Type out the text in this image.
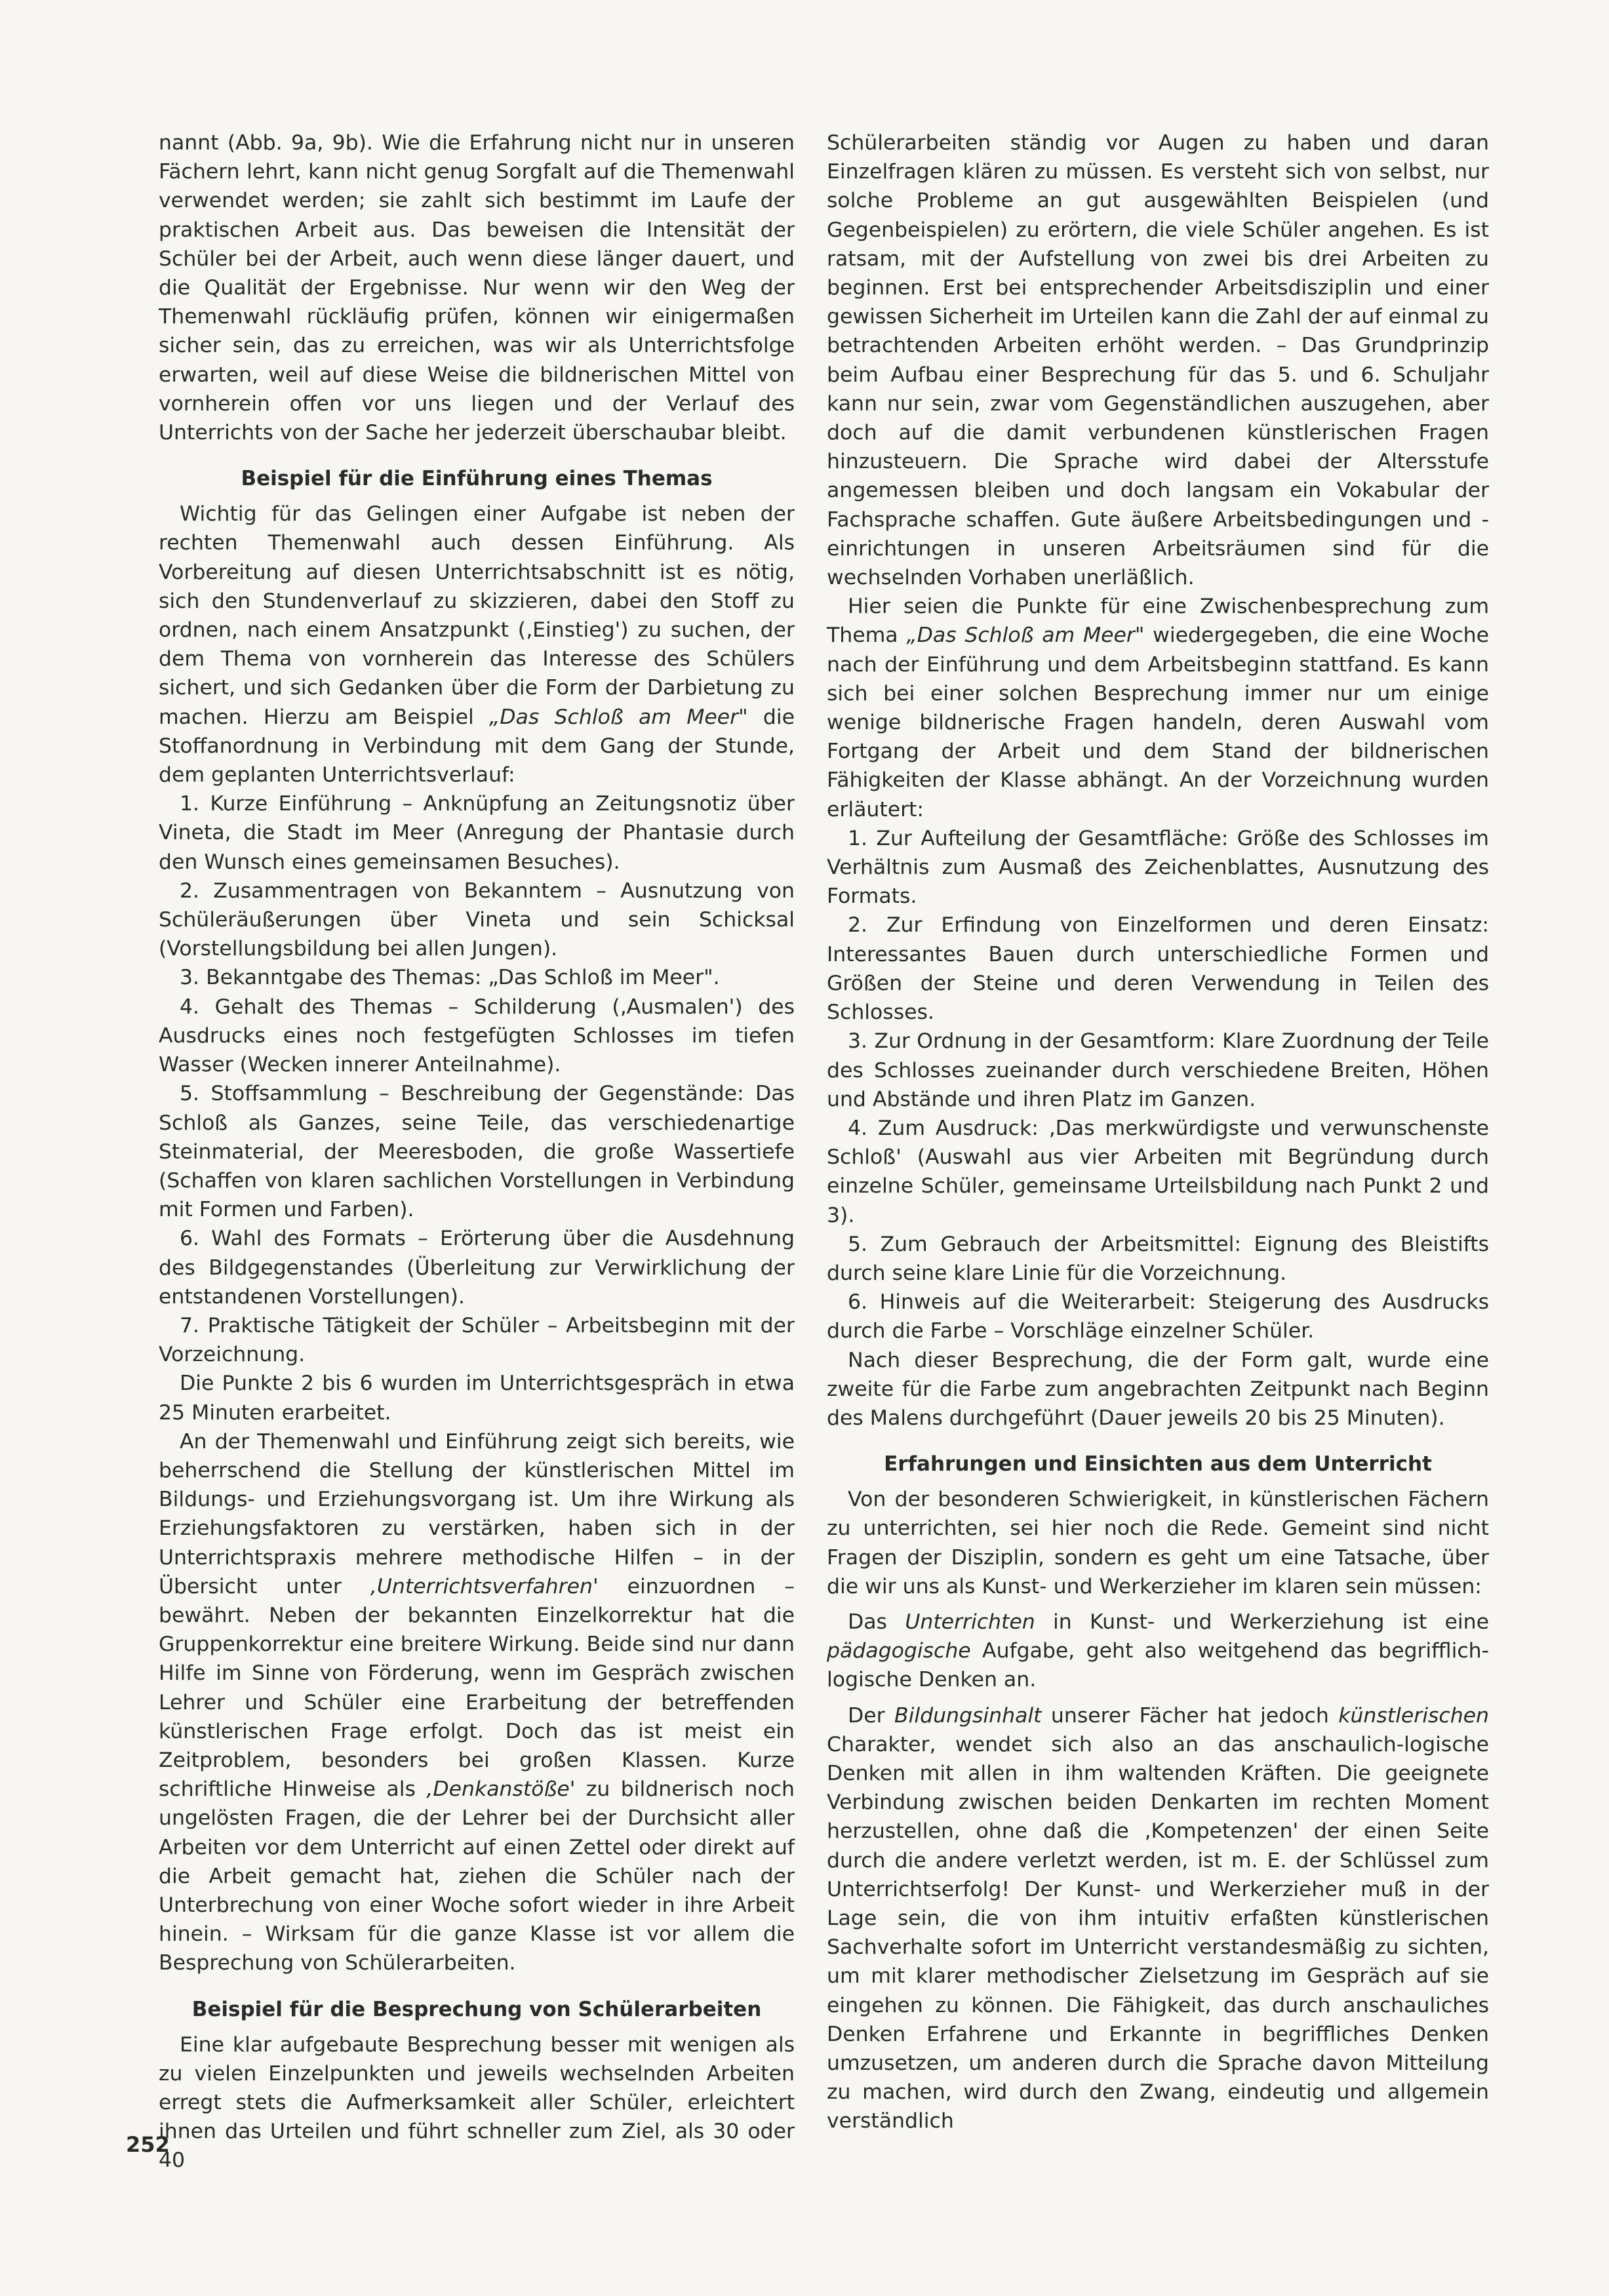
nannt (Abb. 9a, 9b). Wie die Erfahrung nicht nur in unseren Fächern lehrt, kann nicht genug Sorgfalt auf die Themenwahl verwendet werden; sie zahlt sich bestimmt im Laufe der praktischen Arbeit aus. Das beweisen die Intensität der Schüler bei der Arbeit, auch wenn diese länger dauert, und die Qualität der Ergebnisse. Nur wenn wir den Weg der Themenwahl rückläufig prüfen, können wir einigermaßen sicher sein, das zu erreichen, was wir als Unterrichtsfolge erwarten, weil auf diese Weise die bildnerischen Mittel von vornherein offen vor uns liegen und der Verlauf des Unterrichts von der Sache her jederzeit überschaubar bleibt.

Beispiel für die Einführung eines Themas

Wichtig für das Gelingen einer Aufgabe ist neben der rechten Themenwahl auch dessen Einführung. Als Vorbereitung auf diesen Unterrichtsabschnitt ist es nötig, sich den Stundenverlauf zu skizzieren, dabei den Stoff zu ordnen, nach einem Ansatzpunkt (‚Einstieg') zu suchen, der dem Thema von vornherein das Interesse des Schülers sichert, und sich Gedanken über die Form der Darbietung zu machen. Hierzu am Beispiel „Das Schloß am Meer" die Stoffanordnung in Verbindung mit dem Gang der Stunde, dem geplanten Unterrichtsverlauf:

1. Kurze Einführung – Anknüpfung an Zeitungsnotiz über Vineta, die Stadt im Meer (Anregung der Phantasie durch den Wunsch eines gemeinsamen Besuches).
2. Zusammentragen von Bekanntem – Ausnutzung von Schüleräußerungen über Vineta und sein Schicksal (Vorstellungsbildung bei allen Jungen).
3. Bekanntgabe des Themas: „Das Schloß im Meer".
4. Gehalt des Themas – Schilderung (‚Ausmalen') des Ausdrucks eines noch festgefügten Schlosses im tiefen Wasser (Wecken innerer Anteilnahme).
5. Stoffsammlung – Beschreibung der Gegenstände: Das Schloß als Ganzes, seine Teile, das verschiedenartige Steinmaterial, der Meeresboden, die große Wassertiefe (Schaffen von klaren sachlichen Vorstellungen in Verbindung mit Formen und Farben).
6. Wahl des Formats – Erörterung über die Ausdehnung des Bildgegenstandes (Überleitung zur Verwirklichung der entstandenen Vorstellungen).
7. Praktische Tätigkeit der Schüler – Arbeitsbeginn mit der Vorzeichnung.

Die Punkte 2 bis 6 wurden im Unterrichtsgespräch in etwa 25 Minuten erarbeitet.

An der Themenwahl und Einführung zeigt sich bereits, wie beherrschend die Stellung der künstlerischen Mittel im Bildungs- und Erziehungsvorgang ist. Um ihre Wirkung als Erziehungsfaktoren zu verstärken, haben sich in der Unterrichtspraxis mehrere methodische Hilfen – in der Übersicht unter ‚Unterrichtsverfahren' einzuordnen – bewährt. Neben der bekannten Einzelkorrektur hat die Gruppenkorrektur eine breitere Wirkung. Beide sind nur dann Hilfe im Sinne von Förderung, wenn im Gespräch zwischen Lehrer und Schüler eine Erarbeitung der betreffenden künstlerischen Frage erfolgt. Doch das ist meist ein Zeitproblem, besonders bei großen Klassen. Kurze schriftliche Hinweise als ‚Denkanstöße' zu bildnerisch noch ungelösten Fragen, die der Lehrer bei der Durchsicht aller Arbeiten vor dem Unterricht auf einen Zettel oder direkt auf die Arbeit gemacht hat, ziehen die Schüler nach der Unterbrechung von einer Woche sofort wieder in ihre Arbeit hinein. – Wirksam für die ganze Klasse ist vor allem die Besprechung von Schülerarbeiten.

Beispiel für die Besprechung von Schülerarbeiten

Eine klar aufgebaute Besprechung besser mit wenigen als zu vielen Einzelpunkten und jeweils wechselnden Arbeiten erregt stets die Aufmerksamkeit aller Schüler, erleichtert ihnen das Urteilen und führt schneller zum Ziel, als 30 oder 40

Schülerarbeiten ständig vor Augen zu haben und daran Einzelfragen klären zu müssen. Es versteht sich von selbst, nur solche Probleme an gut ausgewählten Beispielen (und Gegenbeispielen) zu erörtern, die viele Schüler angehen. Es ist ratsam, mit der Aufstellung von zwei bis drei Arbeiten zu beginnen. Erst bei entsprechender Arbeitsdisziplin und einer gewissen Sicherheit im Urteilen kann die Zahl der auf einmal zu betrachtenden Arbeiten erhöht werden. – Das Grundprinzip beim Aufbau einer Besprechung für das 5. und 6. Schuljahr kann nur sein, zwar vom Gegenständlichen auszugehen, aber doch auf die damit verbundenen künstlerischen Fragen hinzusteuern. Die Sprache wird dabei der Altersstufe angemessen bleiben und doch langsam ein Vokabular der Fachsprache schaffen. Gute äußere Arbeitsbedingungen und -einrichtungen in unseren Arbeitsräumen sind für die wechselnden Vorhaben unerläßlich.

Hier seien die Punkte für eine Zwischenbesprechung zum Thema „Das Schloß am Meer" wiedergegeben, die eine Woche nach der Einführung und dem Arbeitsbeginn stattfand. Es kann sich bei einer solchen Besprechung immer nur um einige wenige bildnerische Fragen handeln, deren Auswahl vom Fortgang der Arbeit und dem Stand der bildnerischen Fähigkeiten der Klasse abhängt. An der Vorzeichnung wurden erläutert:

1. Zur Aufteilung der Gesamtfläche: Größe des Schlosses im Verhältnis zum Ausmaß des Zeichenblattes, Ausnutzung des Formats.
2. Zur Erfindung von Einzelformen und deren Einsatz: Interessantes Bauen durch unterschiedliche Formen und Größen der Steine und deren Verwendung in Teilen des Schlosses.
3. Zur Ordnung in der Gesamtform: Klare Zuordnung der Teile des Schlosses zueinander durch verschiedene Breiten, Höhen und Abstände und ihren Platz im Ganzen.
4. Zum Ausdruck: ‚Das merkwürdigste und verwunschenste Schloß' (Auswahl aus vier Arbeiten mit Begründung durch einzelne Schüler, gemeinsame Urteilsbildung nach Punkt 2 und 3).
5. Zum Gebrauch der Arbeitsmittel: Eignung des Bleistifts durch seine klare Linie für die Vorzeichnung.
6. Hinweis auf die Weiterarbeit: Steigerung des Ausdrucks durch die Farbe – Vorschläge einzelner Schüler.

Nach dieser Besprechung, die der Form galt, wurde eine zweite für die Farbe zum angebrachten Zeitpunkt nach Beginn des Malens durchgeführt (Dauer jeweils 20 bis 25 Minuten).

Erfahrungen und Einsichten aus dem Unterricht

Von der besonderen Schwierigkeit, in künstlerischen Fächern zu unterrichten, sei hier noch die Rede. Gemeint sind nicht Fragen der Disziplin, sondern es geht um eine Tatsache, über die wir uns als Kunst- und Werkerzieher im klaren sein müssen:

Das Unterrichten in Kunst- und Werkerziehung ist eine pädagogische Aufgabe, geht also weitgehend das begrifflich-logische Denken an.

Der Bildungsinhalt unserer Fächer hat jedoch künstlerischen Charakter, wendet sich also an das anschaulich-logische Denken mit allen in ihm waltenden Kräften. Die geeignete Verbindung zwischen beiden Denkarten im rechten Moment herzustellen, ohne daß die ‚Kompetenzen' der einen Seite durch die andere verletzt werden, ist m. E. der Schlüssel zum Unterrichtserfolg! Der Kunst- und Werkerzieher muß in der Lage sein, die von ihm intuitiv erfaßten künstlerischen Sachverhalte sofort im Unterricht verstandesmäßig zu sichten, um mit klarer methodischer Zielsetzung im Gespräch auf sie eingehen zu können. Die Fähigkeit, das durch anschauliches Denken Erfahrene und Erkannte in begriffliches Denken umzusetzen, um anderen durch die Sprache davon Mitteilung zu machen, wird durch den Zwang, eindeutig und allgemein verständlich

252
